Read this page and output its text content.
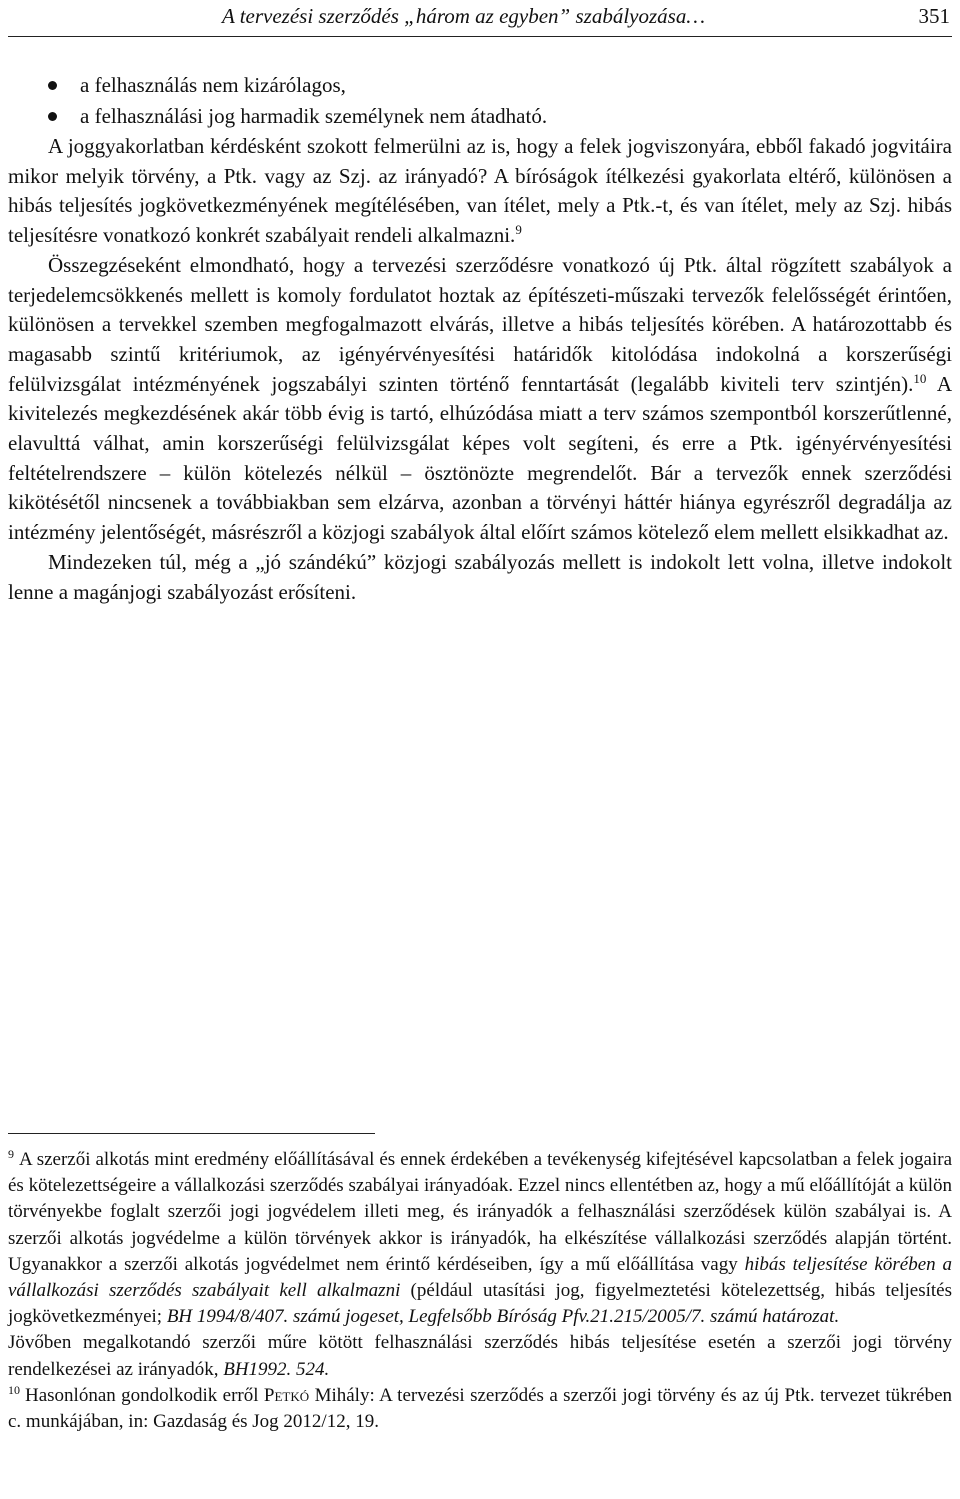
A tervezési szerződés „három az egyben” szabályozása…	351
a felhasználás nem kizárólagos,
a felhasználási jog harmadik személynek nem átadható.

A joggyakorlatban kérdésként szokott felmerülni az is, hogy a felek jogviszonyára, ebből fakadó jogvitáira mikor melyik törvény, a Ptk. vagy az Szj. az irányadó? A bíróságok ítélkezési gyakorlata eltérő, különösen a hibás teljesítés jogkövetkezményének megítélésében, van ítélet, mely a Ptk.-t, és van ítélet, mely az Szj. hibás teljesítésre vonatkozó konkrét szabályait rendeli alkalmazni.$^9$

Összegzéseként elmondható, hogy a tervezési szerződésre vonatkozó új Ptk. által rögzített szabályok a terjedelemcsökkenés mellett is komoly fordulatot hoztak az építészeti-műszaki tervezők felelősségét érintően, különösen a tervekkel szemben megfogalmazott elvárás, illetve a hibás teljesítés körében. A határozottabb és magasabb szintű kritériumok, az igényérvényesítési határidők kitolódása indokolná a korszerűségi felülvizsgálat intézményének jogszabályi szinten történő fenntartását (legalább kiviteli terv szintjén).$^{10}$ A kivitelezés megkezdésének akár több évig is tartó, elhúzódása miatt a terv számos szempontból korszerűtlenné, elavulttá válhat, amin korszerűségi felülvizsgálat képes volt segíteni, és erre a Ptk. igényérvényesítési feltételrendszere – külön kötelezés nélkül – ösztönözte megrendelőt. Bár a tervezők ennek szerződési kikötésétől nincsenek a továbbiakban sem elzárva, azonban a törvényi háttér hiánya egyrészről degradálja az intézmény jelentőségét, másrészről a közjogi szabályok által előírt számos kötelező elem mellett elsikkadhat az.

Mindezeken túl, még a „jó szándékú” közjogi szabályozás mellett is indokolt lett volna, illetve indokolt lenne a magánjogi szabályozást erősíteni.

$^9$ A szerzői alkotás mint eredmény előállításával és ennek érdekében a tevékenység kifejtésével kapcsolatban a felek jogaira és kötelezettségeire a vállalkozási szerződés szabályai irányadóak. Ezzel nincs ellentétben az, hogy a mű előállítóját a külön törvényekbe foglalt szerzői jogi jogvédelem illeti meg, és irányadók a felhasználási szerződések külön szabályai is. A szerzői alkotás jogvédelme a külön törvények akkor is irányadók, ha elkészítése vállalkozási szerződés alapján történt. Ugyanakkor a szerzői alkotás jogvédelmet nem érintő kérdéseiben, így a mű előállítása vagy hibás teljesítése körében a vállalkozási szerződés szabályait kell alkalmazni (például utasítási jog, figyelmeztetési kötelezettség, hibás teljesítés jogkövetkezményei; BH 1994/8/407. számú jogeset, Legfelsőbb Bíróság Pfv.21.215/2005/7. számú határozat.

Jövőben megalkotandó szerzői műre kötött felhasználási szerződés hibás teljesítése esetén a szerzői jogi törvény rendelkezései az irányadók, BH1992. 524.

$^{10}$ Hasonlónan gondolkodik erről Petkó Mihály: A tervezési szerződés a szerzői jogi törvény és az új Ptk. tervezet tükrében c. munkájában, in: Gazdaság és Jog 2012/12, 19.
